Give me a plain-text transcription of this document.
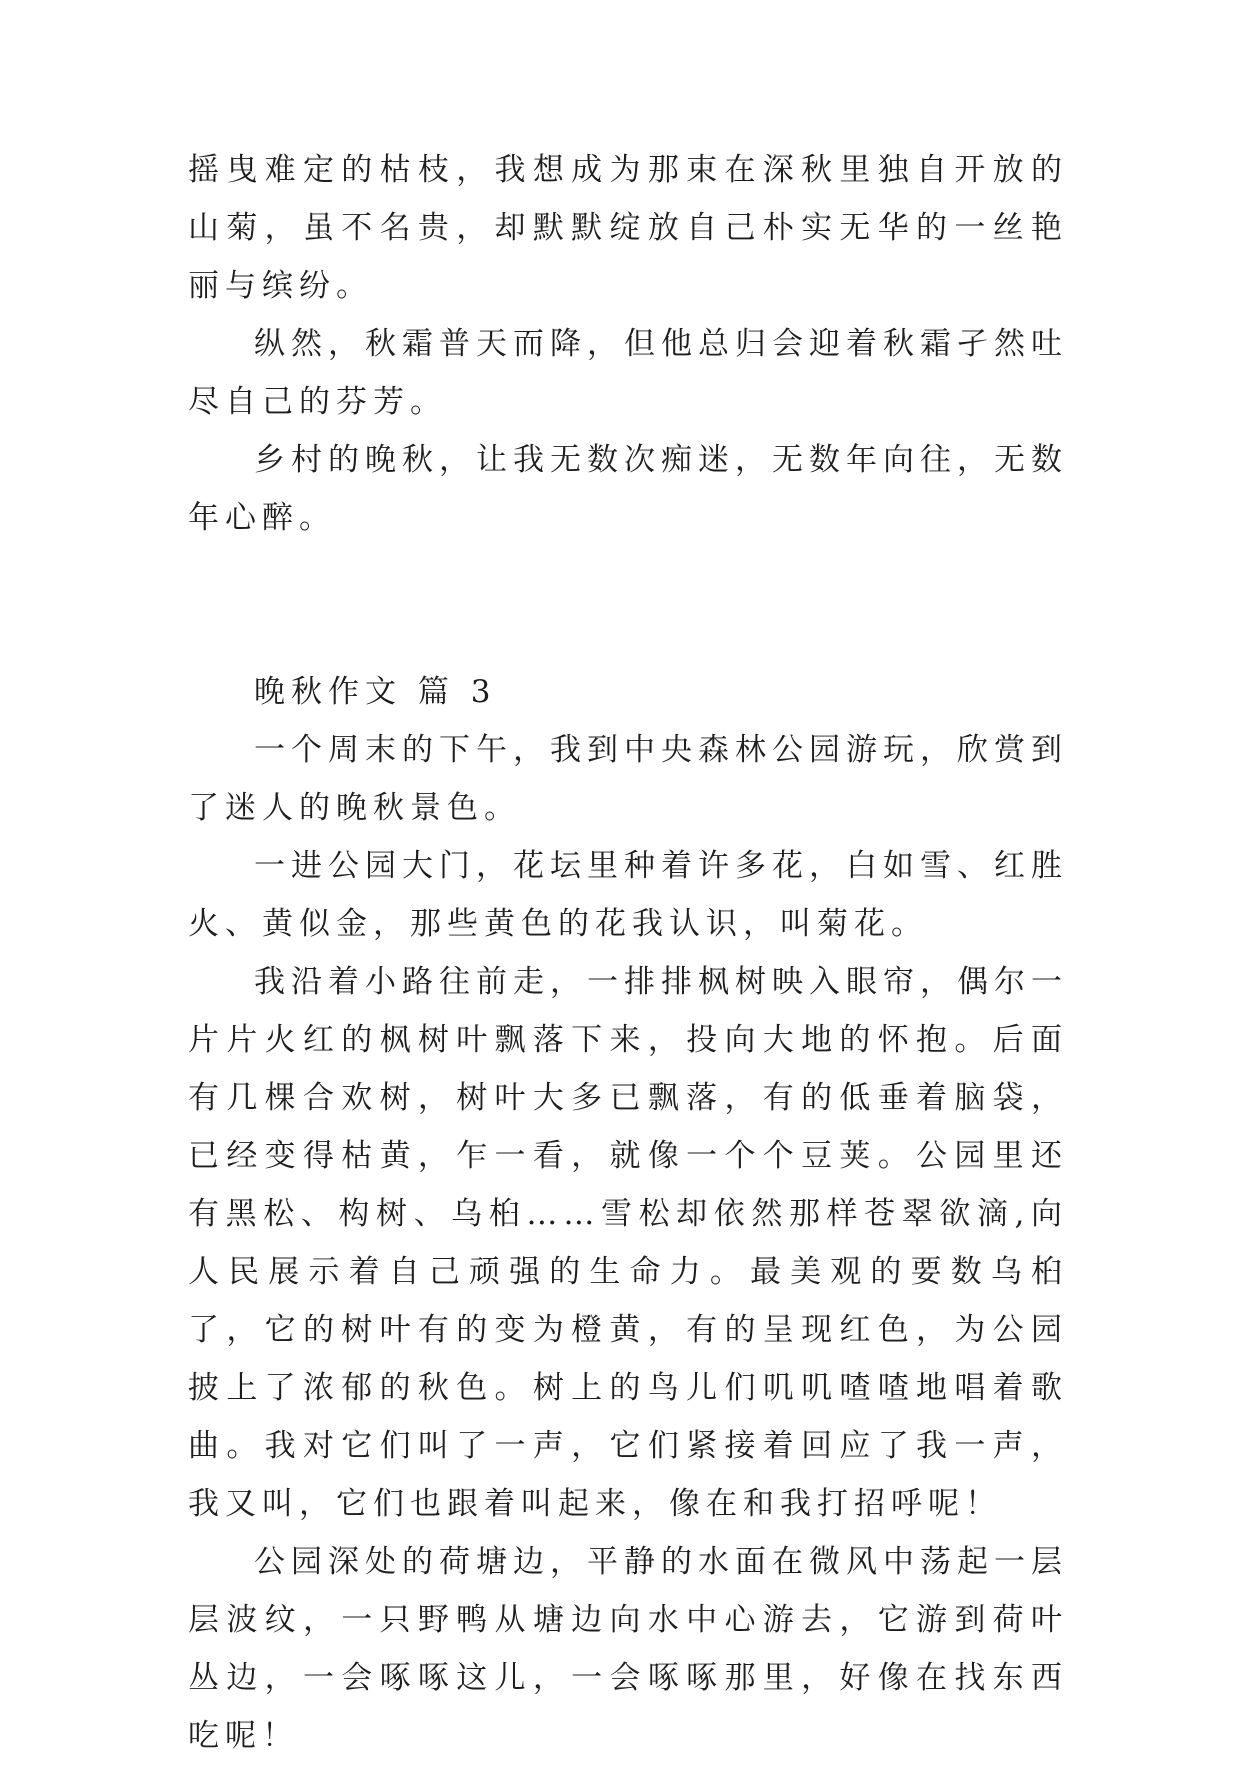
摇曳难定的枯枝，我想成为那束在深秋里独自开放的山菊，虽不名贵，却默默绽放自己朴实无华的一丝艳丽与缤纷。

纵然，秋霜普天而降，但他总归会迎着秋霜孑然吐尽自己的芬芳。

乡村的晚秋，让我无数次痴迷，无数年向往，无数年心醉。

晚秋作文 篇 3

一个周末的下午，我到中央森林公园游玩，欣赏到了迷人的晚秋景色。

一进公园大门，花坛里种着许多花，白如雪、红胜火、黄似金，那些黄色的花我认识，叫菊花。

我沿着小路往前走，一排排枫树映入眼帘，偶尔一片片火红的枫树叶飘落下来，投向大地的怀抱。后面有几棵合欢树，树叶大多已飘落，有的低垂着脑袋，已经变得枯黄，乍一看，就像一个个豆荚。公园里还有黑松、构树、乌桕……雪松却依然那样苍翠欲滴,向人民展示着自己顽强的生命力。最美观的要数乌桕了，它的树叶有的变为橙黄，有的呈现红色，为公园披上了浓郁的秋色。树上的鸟儿们叽叽喳喳地唱着歌曲。我对它们叫了一声，它们紧接着回应了我一声，我又叫，它们也跟着叫起来，像在和我打招呼呢！

公园深处的荷塘边，平静的水面在微风中荡起一层层波纹，一只野鸭从塘边向水中心游去，它游到荷叶丛边，一会啄啄这儿，一会啄啄那里，好像在找东西吃呢！
